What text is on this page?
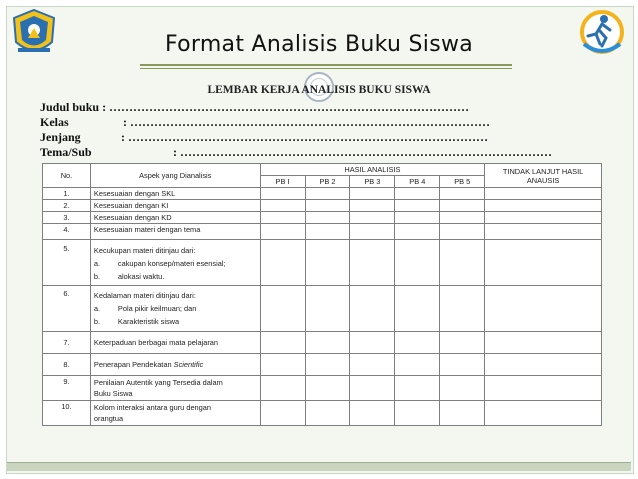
Format Analisis Buku Siswa
LEMBAR KERJA ANALISIS BUKU SISWA
Judul buku : ………………………………………………………………………………
Kelas	: ………………………………………………………………………………
Jenjang	: ………………………………………………………………………………
Tema/Sub	: …………………………………………………………………………………
No.	Aspek yang Dianalisis	HASIL ANALISIS					TINDAK LANJUT HASIL
ANAUSIS
		PB I	PB 2	PB 3	PB 4	PB 5	
1.	Kesesuaian dengan SKL						
2.	Kesesuaian dengan KI						
3.	Kesesuaian dengan KD						
4.	Kesesuaian materi dengan tema						
5.	Kecukupan materi ditinjau dari:
a. cakupan konsep/materi esensial;
b. alokasi waktu.						

6.	Kedalaman materi ditinjau dari:
a. Pola pikir keilmuan; dan
b. Karakteristik siswa						

7.	Keterpaduan berbagai mata pelajaran						
8.	Penerapan Pendekatan Scientific						
9.	Penilaian Autentik yang Tersedia dalam
Buku Siswa						

10.	Kolom interaksi antara guru dengan
orangtua						
